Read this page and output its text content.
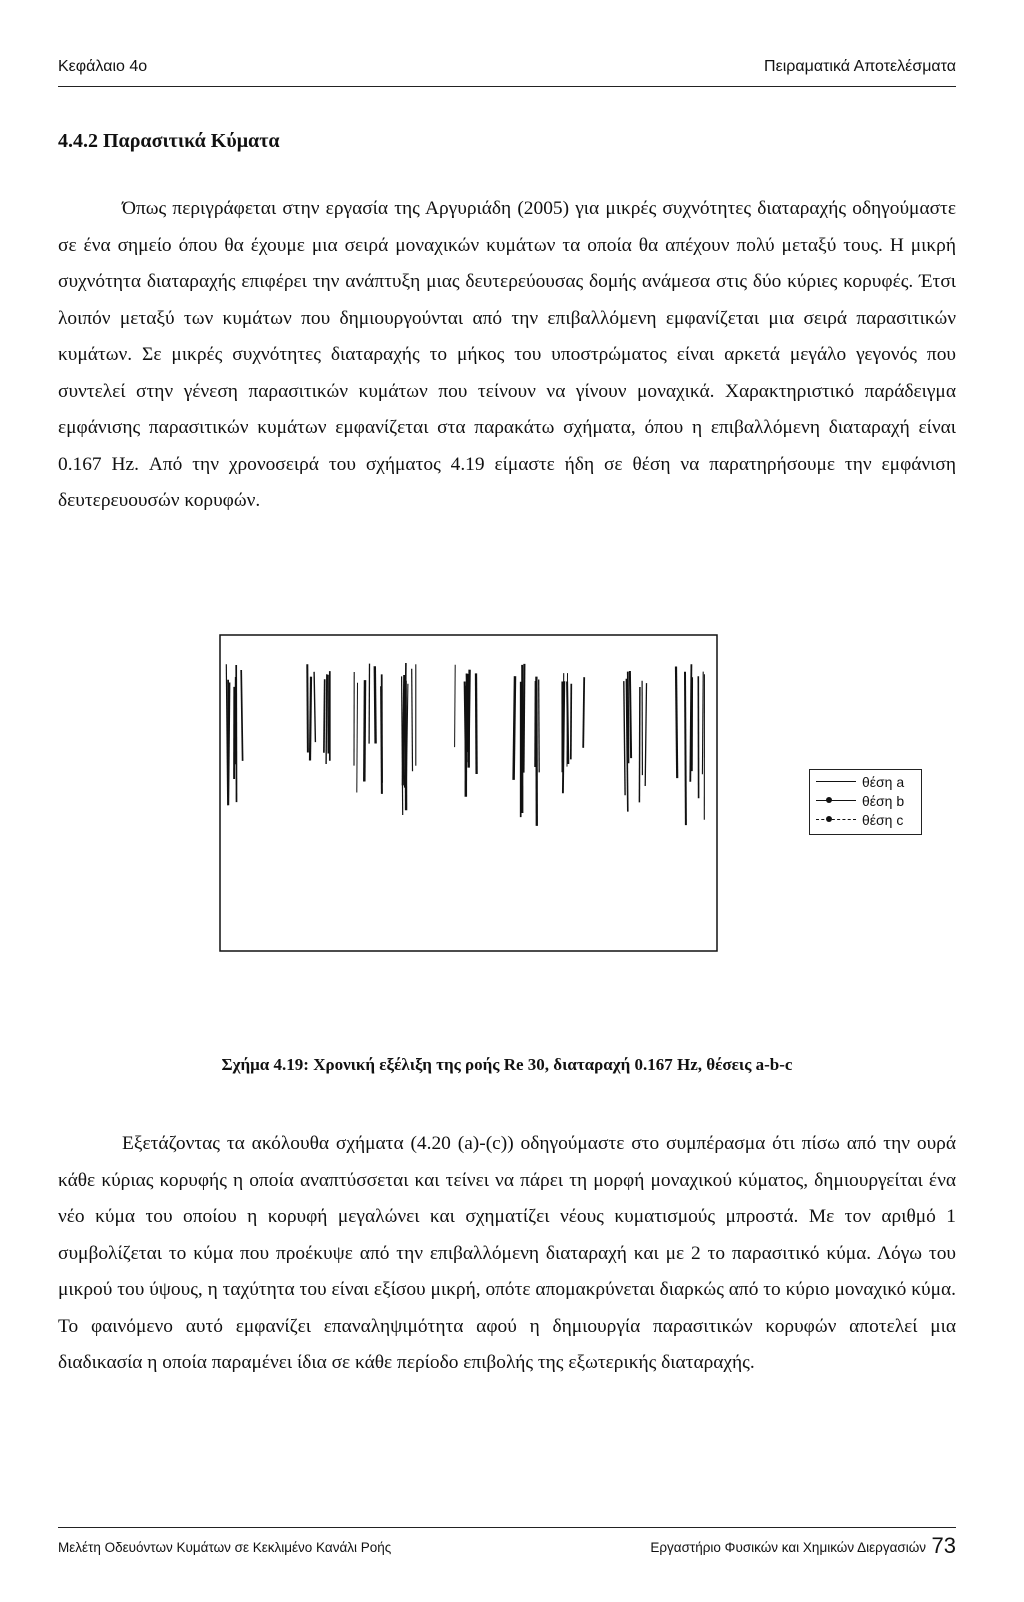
Κεφάλαιο 4ο	Πειραματικά Αποτελέσματα
4.4.2 Παρασιτικά Κύματα

Όπως περιγράφεται στην εργασία της Αργυριάδη (2005) για μικρές συχνότητες διαταραχής οδηγούμαστε σε ένα σημείο όπου θα έχουμε μια σειρά μοναχικών κυμάτων τα οποία θα απέχουν πολύ μεταξύ τους. Η μικρή συχνότητα διαταραχής επιφέρει την ανάπτυξη μιας δευτερεύουσας δομής ανάμεσα στις δύο κύριες κορυφές. Έτσι λοιπόν μεταξύ των κυμάτων που δημιουργούνται από την επιβαλλόμενη εμφανίζεται μια σειρά παρασιτικών κυμάτων. Σε μικρές συχνότητες διαταραχής το μήκος του υποστρώματος είναι αρκετά μεγάλο γεγονός που συντελεί στην γένεση παρασιτικών κυμάτων που τείνουν να γίνουν μοναχικά. Χαρακτηριστικό παράδειγμα εμφάνισης παρασιτικών κυμάτων εμφανίζεται στα παρακάτω σχήματα, όπου η επιβαλλόμενη διαταραχή είναι 0.167 Hz. Από την χρονοσειρά του σχήματος 4.19 είμαστε ήδη σε θέση να παρατηρήσουμε την εμφάνιση δευτερευουσών κορυφών.

θέση a
θέση b
θέση c
Σχήμα 4.19: Χρονική εξέλιξη της ροής Re 30, διαταραχή 0.167 Hz, θέσεις a-b-c

Εξετάζοντας τα ακόλουθα σχήματα (4.20 (a)-(c)) οδηγούμαστε στο συμπέρασμα ότι πίσω από την ουρά κάθε κύριας κορυφής η οποία αναπτύσσεται και τείνει να πάρει τη μορφή μοναχικού κύματος, δημιουργείται ένα νέο κύμα του οποίου η κορυφή μεγαλώνει και σχηματίζει νέους κυματισμούς μπροστά. Με τον αριθμό 1 συμβολίζεται το κύμα που προέκυψε από την επιβαλλόμενη διαταραχή και με 2 το παρασιτικό κύμα. Λόγω του μικρού του ύψους, η ταχύτητα του είναι εξίσου μικρή, οπότε απομακρύνεται διαρκώς από το κύριο μοναχικό κύμα. Το φαινόμενο αυτό εμφανίζει επαναληψιμότητα αφού η δημιουργία παρασιτικών κορυφών αποτελεί μια διαδικασία η οποία παραμένει ίδια σε κάθε περίοδο επιβολής της εξωτερικής διαταραχής.

Μελέτη Οδευόντων Κυμάτων σε Κεκλιμένο Κανάλι Ροής	Εργαστήριο Φυσικών και Χημικών Διεργασιών 73
